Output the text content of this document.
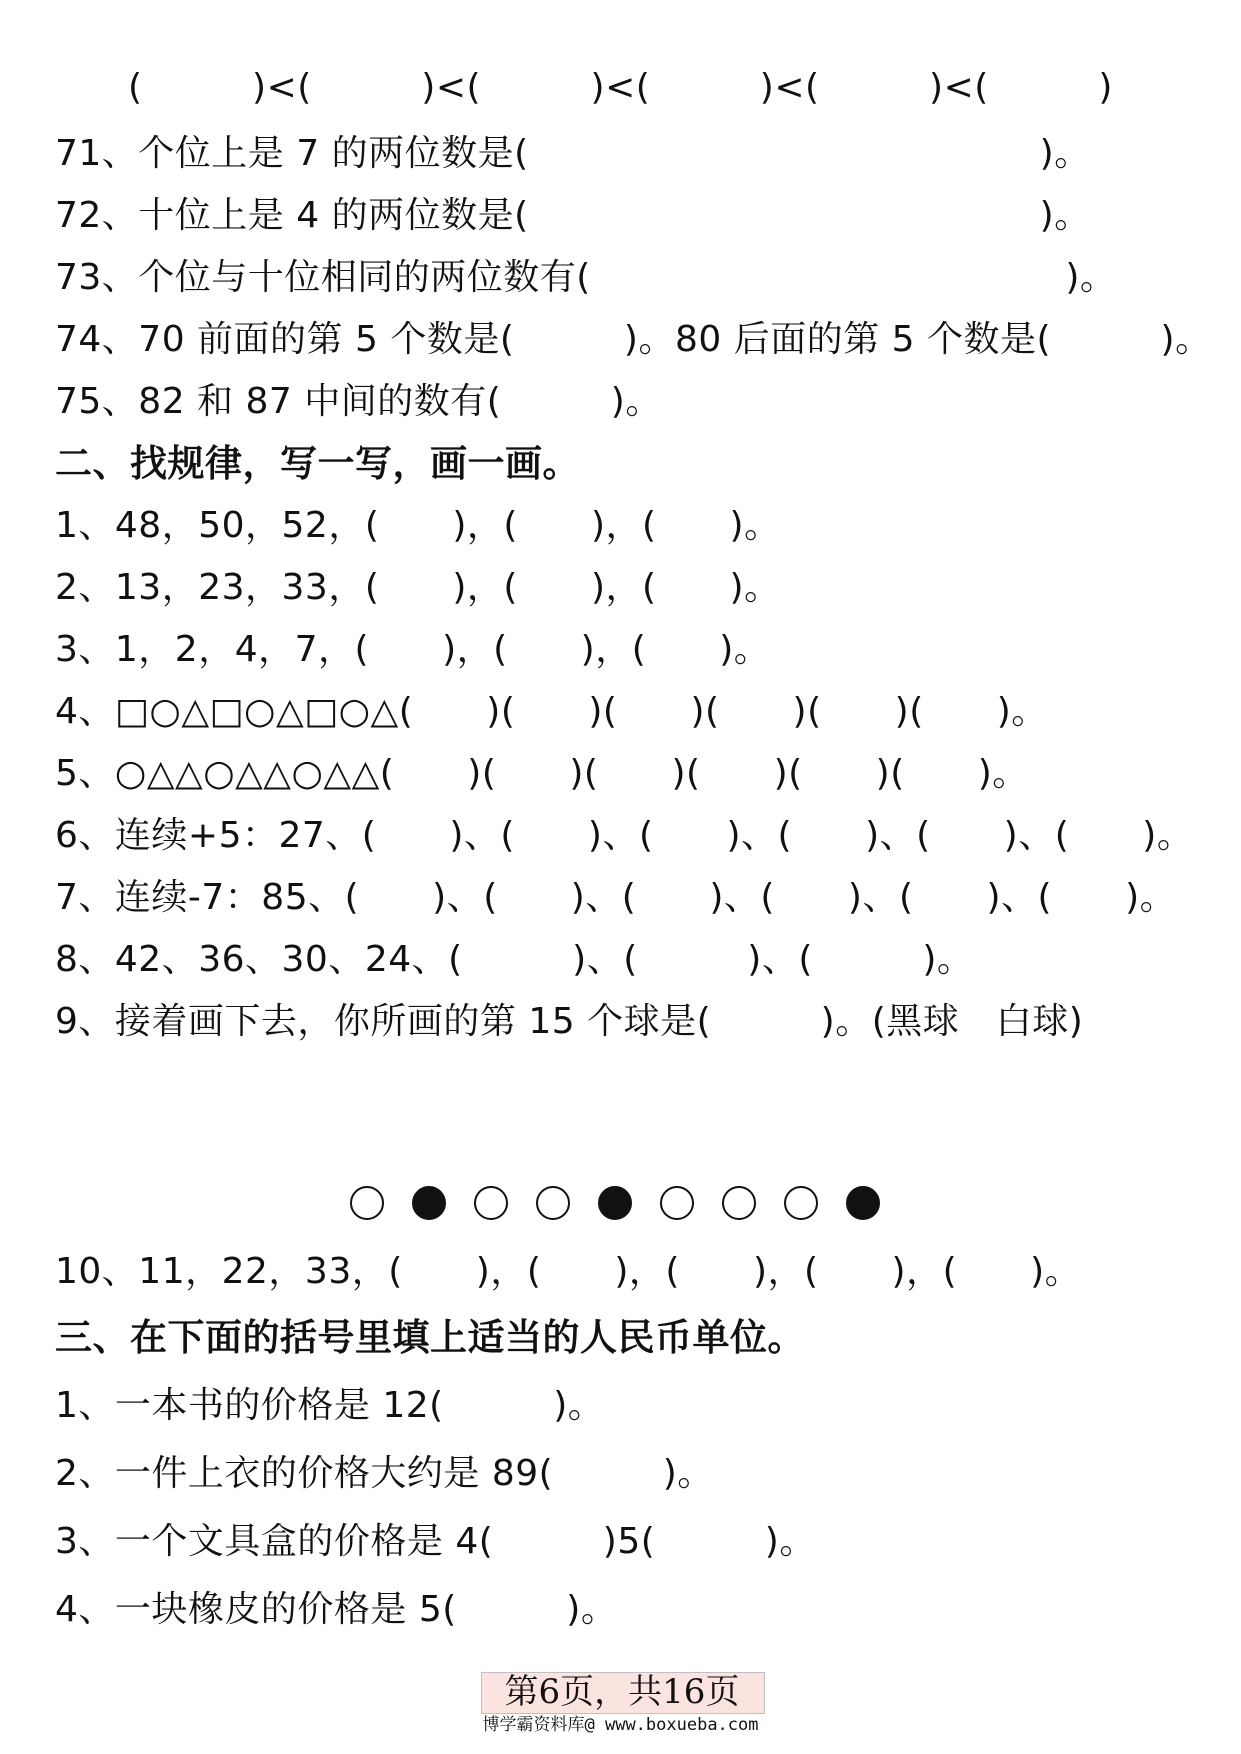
　　(　　　)<(　　　)<(　　　)<(　　　)<(　　　)<(　　　)
71、个位上是 7 的两位数是(　　　　　　　　　　　　　　)。
72、十位上是 4 的两位数是(　　　　　　　　　　　　　　)。
73、个位与十位相同的两位数有(　　　　　　　　　　　　　)。
74、70 前面的第 5 个数是(　　　)。80 后面的第 5 个数是(　　　)。
75、82 和 87 中间的数有(　　　)。
二、找规律，写一写，画一画。
1、48，50，52，(　　)，(　　)，(　　)。
2、13，23，33，(　　)，(　　)，(　　)。
3、1，2，4，7，(　　)，(　　)，(　　)。
4、□○△□○△□○△(　　)(　　)(　　)(　　)(　　)(　　)。
5、○△△○△△○△△(　　)(　　)(　　)(　　)(　　)(　　)。
6、连续+5：27、(　　)、(　　)、(　　)、(　　)、(　　)、(　　)。
7、连续-7：85、(　　)、(　　)、(　　)、(　　)、(　　)、(　　)。
8、42、36、30、24、(　　　)、(　　　)、(　　　)。
9、接着画下去，你所画的第 15 个球是(　　　)。(黑球　白球)
10、11，22，33，(　　)，(　　)，(　　)，(　　)，(　　)。
三、在下面的括号里填上适当的人民币单位。
1、一本书的价格是 12(　　　)。
2、一件上衣的价格大约是 89(　　　)。
3、一个文具盒的价格是 4(　　　)5(　　　)。
4、一块橡皮的价格是 5(　　　)。
第6页，共16页
博学霸资料库@ www.boxueba.com
